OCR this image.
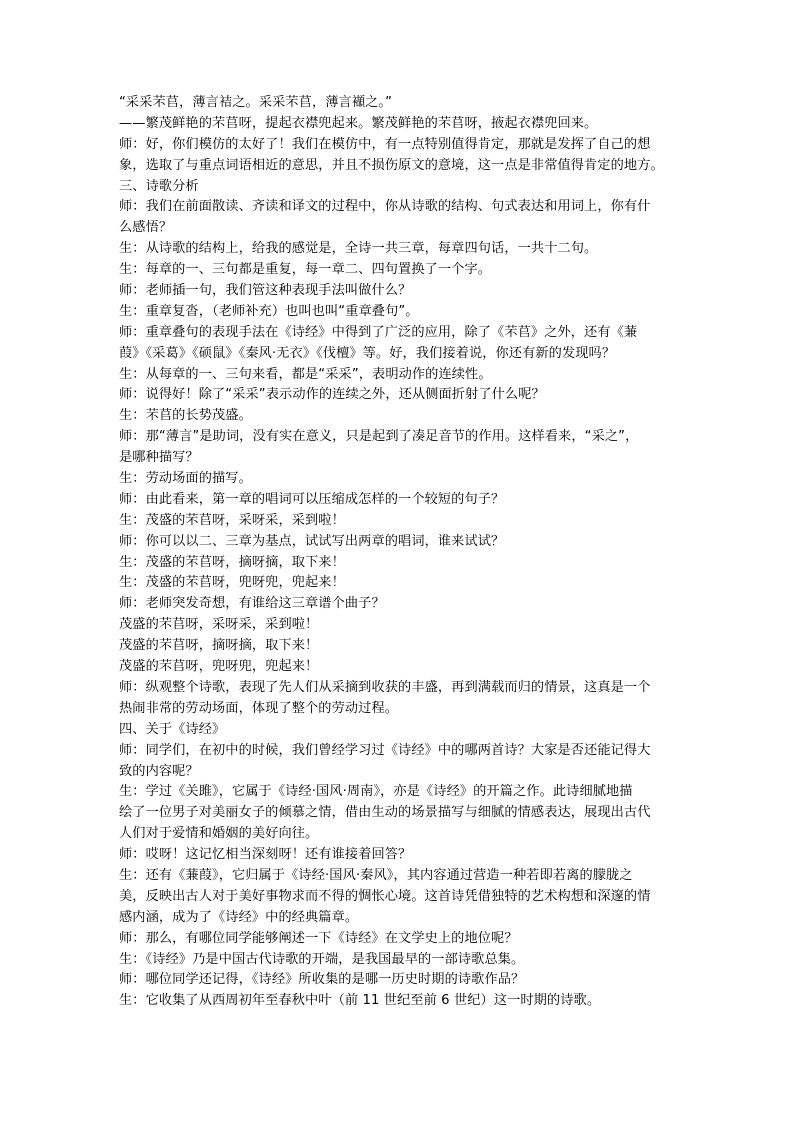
“采采芣苢，薄言袺之。采采芣苢，薄言襭之。”
——繁茂鲜艳的芣苢呀，提起衣襟兜起来。繁茂鲜艳的芣苢呀，掖起衣襟兜回来。
师：好，你们模仿的太好了！我们在模仿中，有一点特别值得肯定，那就是发挥了自己的想
象，选取了与重点词语相近的意思，并且不损伤原文的意境，这一点是非常值得肯定的地方。
三、诗歌分析
师：我们在前面散读、齐读和译文的过程中，你从诗歌的结构、句式表达和用词上，你有什
么感悟？
生：从诗歌的结构上，给我的感觉是，全诗一共三章，每章四句话，一共十二句。
生：每章的一、三句都是重复，每一章二、四句置换了一个字。
师：老师插一句，我们管这种表现手法叫做什么？
生：重章复沓，（老师补充）也叫也叫“重章叠句”。
师：重章叠句的表现手法在《诗经》中得到了广泛的应用，除了《芣苢》之外，还有《蒹
葭》《采葛》《硕鼠》《秦风·无衣》《伐檀》等。好，我们接着说，你还有新的发现吗？
生：从每章的一、三句来看，都是“采采”，表明动作的连续性。
师：说得好！除了“采采”表示动作的连续之外，还从侧面折射了什么呢？
生：芣苢的长势茂盛。
师：那“薄言”是助词，没有实在意义，只是起到了凑足音节的作用。这样看来，“采之”，
是哪种描写？
生：劳动场面的描写。
师：由此看来，第一章的唱词可以压缩成怎样的一个较短的句子？
生：茂盛的芣苢呀，采呀采，采到啦！
师：你可以以二、三章为基点，试试写出两章的唱词，谁来试试？
生：茂盛的芣苢呀，摘呀摘，取下来！
生：茂盛的芣苢呀，兜呀兜，兜起来！
师：老师突发奇想，有谁给这三章谱个曲子？
茂盛的芣苢呀，采呀采，采到啦！
茂盛的芣苢呀，摘呀摘，取下来！
茂盛的芣苢呀，兜呀兜，兜起来！
师：纵观整个诗歌，表现了先人们从采摘到收获的丰盛，再到满载而归的情景，这真是一个
热闹非常的劳动场面，体现了整个的劳动过程。
四、关于《诗经》
师：同学们，在初中的时候，我们曾经学习过《诗经》中的哪两首诗？大家是否还能记得大
致的内容呢？
生：学过《关雎》，它属于《诗经·国风·周南》，亦是《诗经》的开篇之作。此诗细腻地描
绘了一位男子对美丽女子的倾慕之情，借由生动的场景描写与细腻的情感表达，展现出古代
人们对于爱情和婚姻的美好向往。
师：哎呀！这记忆相当深刻呀！还有谁接着回答？
生：还有《蒹葭》，它归属于《诗经·国风·秦风》，其内容通过营造一种若即若离的朦胧之
美，反映出古人对于美好事物求而不得的惆怅心境。这首诗凭借独特的艺术构想和深邃的情
感内涵，成为了《诗经》中的经典篇章。
师：那么，有哪位同学能够阐述一下《诗经》在文学史上的地位呢？
生：《诗经》乃是中国古代诗歌的开端，是我国最早的一部诗歌总集。
师：哪位同学还记得，《诗经》所收集的是哪一历史时期的诗歌作品？
生：它收集了从西周初年至春秋中叶（前 11 世纪至前 6 世纪）这一时期的诗歌。
